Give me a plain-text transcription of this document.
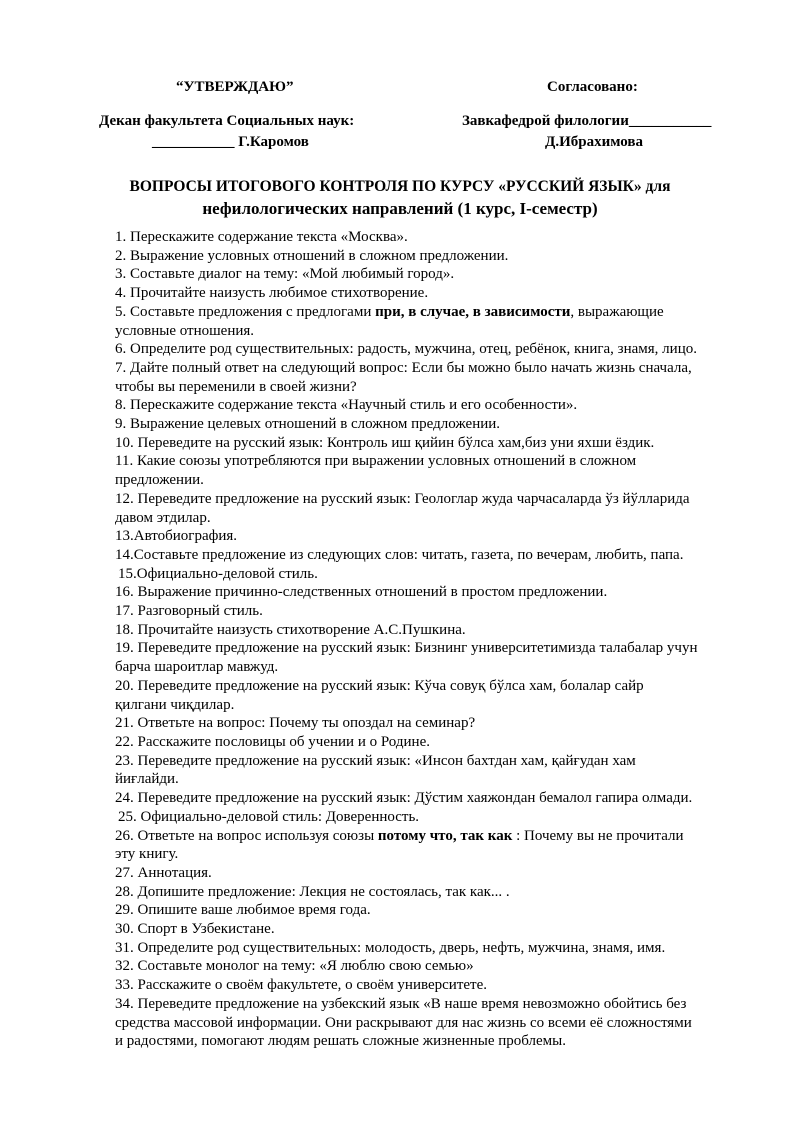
“УТВЕРЖДАЮ”	Согласовано:
Декан факультета Социальных наук:
___________ Г.Каромов
Завкафедрой филологии___________
Д.Ибрахимова
ВОПРОСЫ ИТОГОВОГО КОНТРОЛЯ ПО КУРСУ «РУССКИЙ ЯЗЫК» для
нефилологических направлений (1 курс, I-семестр)

1. Перескажите содержание текста «Москва».

2. Выражение условных отношений в сложном предложении.

3. Составьте диалог на тему: «Мой любимый город».

4. Прочитайте наизусть любимое стихотворение.

5. Составьте предложения с предлогами при, в случае, в зависимости, выражающие

условные отношения.

6. Определите род существительных: радость, мужчина, отец, ребёнок, книга, знамя, лицо.

7. Дайте полный ответ на следующий вопрос: Если бы можно было начать жизнь сначала,

чтобы вы переменили в своей жизни?

8. Перескажите содержание текста «Научный стиль и его особенности».

9. Выражение целевых отношений в сложном предложении.

10. Переведите на русский язык: Контроль иш қийин бўлса хам,биз уни яхши ёздик.

11. Какие союзы употребляются при выражении условных отношений в сложном

предложении.

12. Переведите предложение на русский язык: Геологлар жуда чарчасаларда ўз йўлларида

давом этдилар.

13.Автобиография.

14.Составьте предложение из следующих слов: читать, газета, по вечерам, любить, папа.

15.Официально-деловой стиль.

16. Выражение причинно-следственных отношений в простом предложении.

17. Разговорный стиль.

18. Прочитайте наизусть стихотворение А.С.Пушкина.

19. Переведите предложение на русский язык: Бизнинг университетимизда талабалар учун

барча шароитлар мавжуд.

20. Переведите предложение на русский язык: Кўча совуқ бўлса хам, болалар сайр

қилгани чиқдилар.

21. Ответьте на вопрос: Почему ты опоздал на семинар?

22. Расскажите пословицы об учении и о Родине.

23. Переведите предложение на русский язык: «Инсон бахтдан хам, қайғудан хам

йиғлайди.

24. Переведите предложение на русский язык: Дўстим хаяжондан бемалол гапира олмади.

25. Официально-деловой стиль: Доверенность.

26. Ответьте на вопрос используя союзы потому что, так как : Почему вы не прочитали

эту книгу.

27. Аннотация.

28. Допишите предложение: Лекция не состоялась, так как... .

29. Опишите ваше любимое время года.

30. Спорт в Узбекистане.

31. Определите род существительных: молодость, дверь, нефть, мужчина, знамя, имя.

32. Составьте монолог на тему: «Я люблю свою семью»

33. Расскажите о своём факультете, о своём университете.

34. Переведите предложение на узбекский язык «В наше время невозможно обойтись без

средства массовой информации. Они раскрывают для нас жизнь со всеми её сложностями

и радостями, помогают людям решать сложные жизненные проблемы.
